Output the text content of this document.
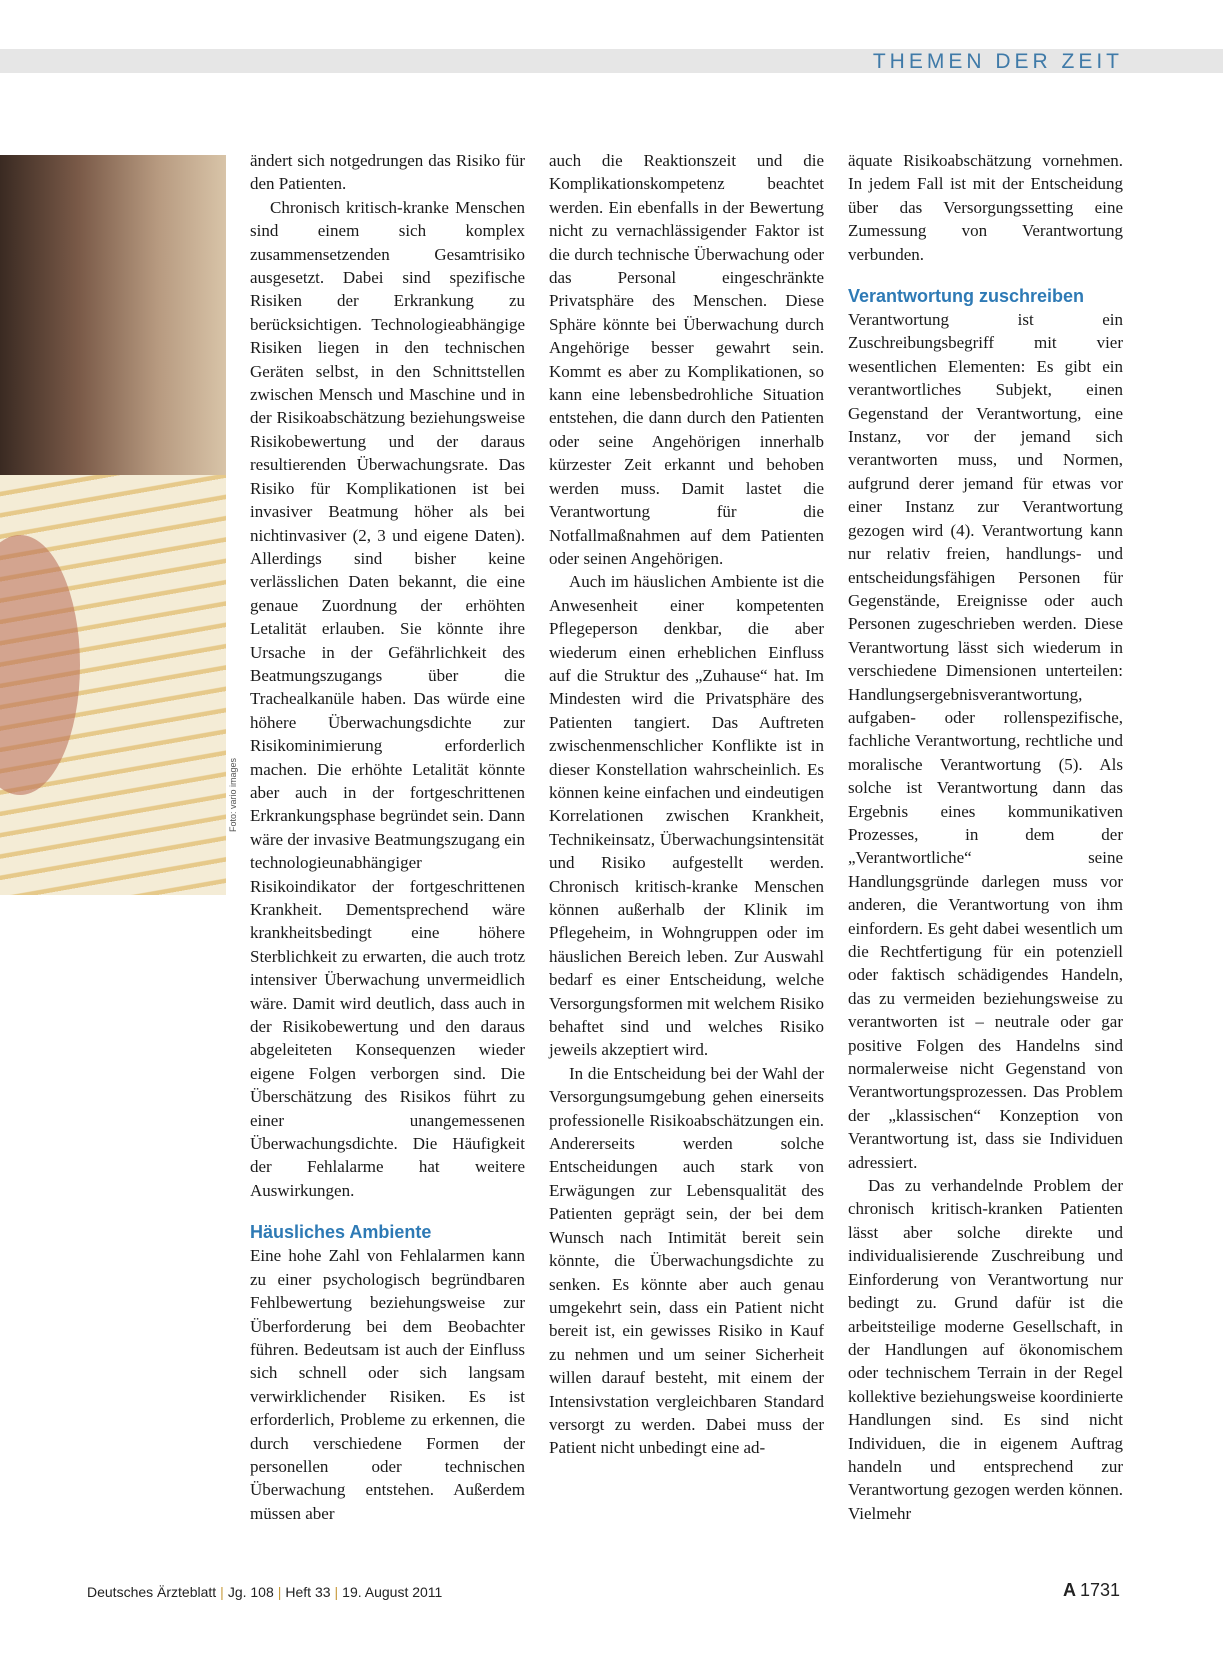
THEMEN DER ZEIT
Foto: vario images

ändert sich notgedrungen das Risiko für den Patienten.

Chronisch kritisch-kranke Menschen sind einem sich komplex zusammensetzenden Gesamtrisiko ausgesetzt. Dabei sind spezifische Risiken der Erkrankung zu berücksichtigen. Technologieabhängige Risiken liegen in den technischen Geräten selbst, in den Schnittstellen zwischen Mensch und Maschine und in der Risikoabschätzung beziehungsweise Risikobewertung und der daraus resultierenden Überwachungsrate. Das Risiko für Komplikationen ist bei invasiver Beatmung höher als bei nichtinvasiver (2, 3 und eigene Daten). Allerdings sind bisher keine verlässlichen Daten bekannt, die eine genaue Zuordnung der erhöhten Letalität erlauben. Sie könnte ihre Ursache in der Gefährlichkeit des Beatmungszugangs über die Trachealkanüle haben. Das würde eine höhere Überwachungsdichte zur Risikominimierung erforderlich machen. Die erhöhte Letalität könnte aber auch in der fortgeschrittenen Erkrankungsphase begründet sein. Dann wäre der invasive Beatmungszugang ein technologieunabhängiger Risikoindikator der fortgeschrittenen Krankheit. Dementsprechend wäre krankheitsbedingt eine höhere Sterblichkeit zu erwarten, die auch trotz intensiver Überwachung unvermeidlich wäre. Damit wird deutlich, dass auch in der Risikobewertung und den daraus abgeleiteten Konsequenzen wieder eigene Folgen verborgen sind. Die Überschätzung des Risikos führt zu einer unangemessenen Überwachungsdichte. Die Häufigkeit der Fehlalarme hat weitere Auswirkungen.

Häusliches Ambiente

Eine hohe Zahl von Fehlalarmen kann zu einer psychologisch begründbaren Fehlbewertung beziehungsweise zur Überforderung bei dem Beobachter führen. Bedeutsam ist auch der Einfluss sich schnell oder sich langsam verwirklichender Risiken. Es ist erforderlich, Probleme zu erkennen, die durch verschiedene Formen der personellen oder technischen Überwachung entstehen. Außerdem müssen aber

auch die Reaktionszeit und die Komplikationskompetenz beachtet werden. Ein ebenfalls in der Bewertung nicht zu vernachlässigender Faktor ist die durch technische Überwachung oder das Personal eingeschränkte Privatsphäre des Menschen. Diese Sphäre könnte bei Überwachung durch Angehörige besser gewahrt sein. Kommt es aber zu Komplikationen, so kann eine lebensbedrohliche Situation entstehen, die dann durch den Patienten oder seine Angehörigen innerhalb kürzester Zeit erkannt und behoben werden muss. Damit lastet die Verantwortung für die Notfallmaßnahmen auf dem Patienten oder seinen Angehörigen.

Auch im häuslichen Ambiente ist die Anwesenheit einer kompetenten Pflegeperson denkbar, die aber wiederum einen erheblichen Einfluss auf die Struktur des „Zuhause“ hat. Im Mindesten wird die Privatsphäre des Patienten tangiert. Das Auftreten zwischenmenschlicher Konflikte ist in dieser Konstellation wahrscheinlich. Es können keine einfachen und eindeutigen Korrelationen zwischen Krankheit, Technikeinsatz, Überwachungsintensität und Risiko aufgestellt werden. Chronisch kritisch-kranke Menschen können außerhalb der Klinik im Pflegeheim, in Wohngruppen oder im häuslichen Bereich leben. Zur Auswahl bedarf es einer Entscheidung, welche Versorgungsformen mit welchem Risiko behaftet sind und welches Risiko jeweils akzeptiert wird.

In die Entscheidung bei der Wahl der Versorgungsumgebung gehen einerseits professionelle Risikoabschätzungen ein. Andererseits werden solche Entscheidungen auch stark von Erwägungen zur Lebensqualität des Patienten geprägt sein, der bei dem Wunsch nach Intimität bereit sein könnte, die Überwachungsdichte zu senken. Es könnte aber auch genau umgekehrt sein, dass ein Patient nicht bereit ist, ein gewisses Risiko in Kauf zu nehmen und um seiner Sicherheit willen darauf besteht, mit einem der Intensivstation vergleichbaren Standard versorgt zu werden. Dabei muss der Patient nicht unbedingt eine ad-

äquate Risikoabschätzung vornehmen. In jedem Fall ist mit der Entscheidung über das Versorgungssetting eine Zumessung von Verantwortung verbunden.

Verantwortung zuschreiben

Verantwortung ist ein Zuschreibungsbegriff mit vier wesentlichen Elementen: Es gibt ein verantwortliches Subjekt, einen Gegenstand der Verantwortung, eine Instanz, vor der jemand sich verantworten muss, und Normen, aufgrund derer jemand für etwas vor einer Instanz zur Verantwortung gezogen wird (4). Verantwortung kann nur relativ freien, handlungs- und entscheidungsfähigen Personen für Gegenstände, Ereignisse oder auch Personen zugeschrieben werden. Diese Verantwortung lässt sich wiederum in verschiedene Dimensionen unterteilen: Handlungsergebnisverantwortung, aufgaben- oder rollenspezifische, fachliche Verantwortung, rechtliche und moralische Verantwortung (5). Als solche ist Verantwortung dann das Ergebnis eines kommunikativen Prozesses, in dem der „Verantwortliche“ seine Handlungsgründe darlegen muss vor anderen, die Verantwortung von ihm einfordern. Es geht dabei wesentlich um die Rechtfertigung für ein potenziell oder faktisch schädigendes Handeln, das zu vermeiden beziehungsweise zu verantworten ist – neutrale oder gar positive Folgen des Handelns sind normalerweise nicht Gegenstand von Verantwortungsprozessen. Das Problem der „klassischen“ Konzeption von Verantwortung ist, dass sie Individuen adressiert.

Das zu verhandelnde Problem der chronisch kritisch-kranken Patienten lässt aber solche direkte und individualisierende Zuschreibung und Einforderung von Verantwortung nur bedingt zu. Grund dafür ist die arbeitsteilige moderne Gesellschaft, in der Handlungen auf ökonomischem oder technischem Terrain in der Regel kollektive beziehungsweise koordinierte Handlungen sind. Es sind nicht Individuen, die in eigenem Auftrag handeln und entsprechend zur Verantwortung gezogen werden können. Vielmehr

Deutsches Ärzteblatt | Jg. 108 | Heft 33 | 19. August 2011	A 1731
